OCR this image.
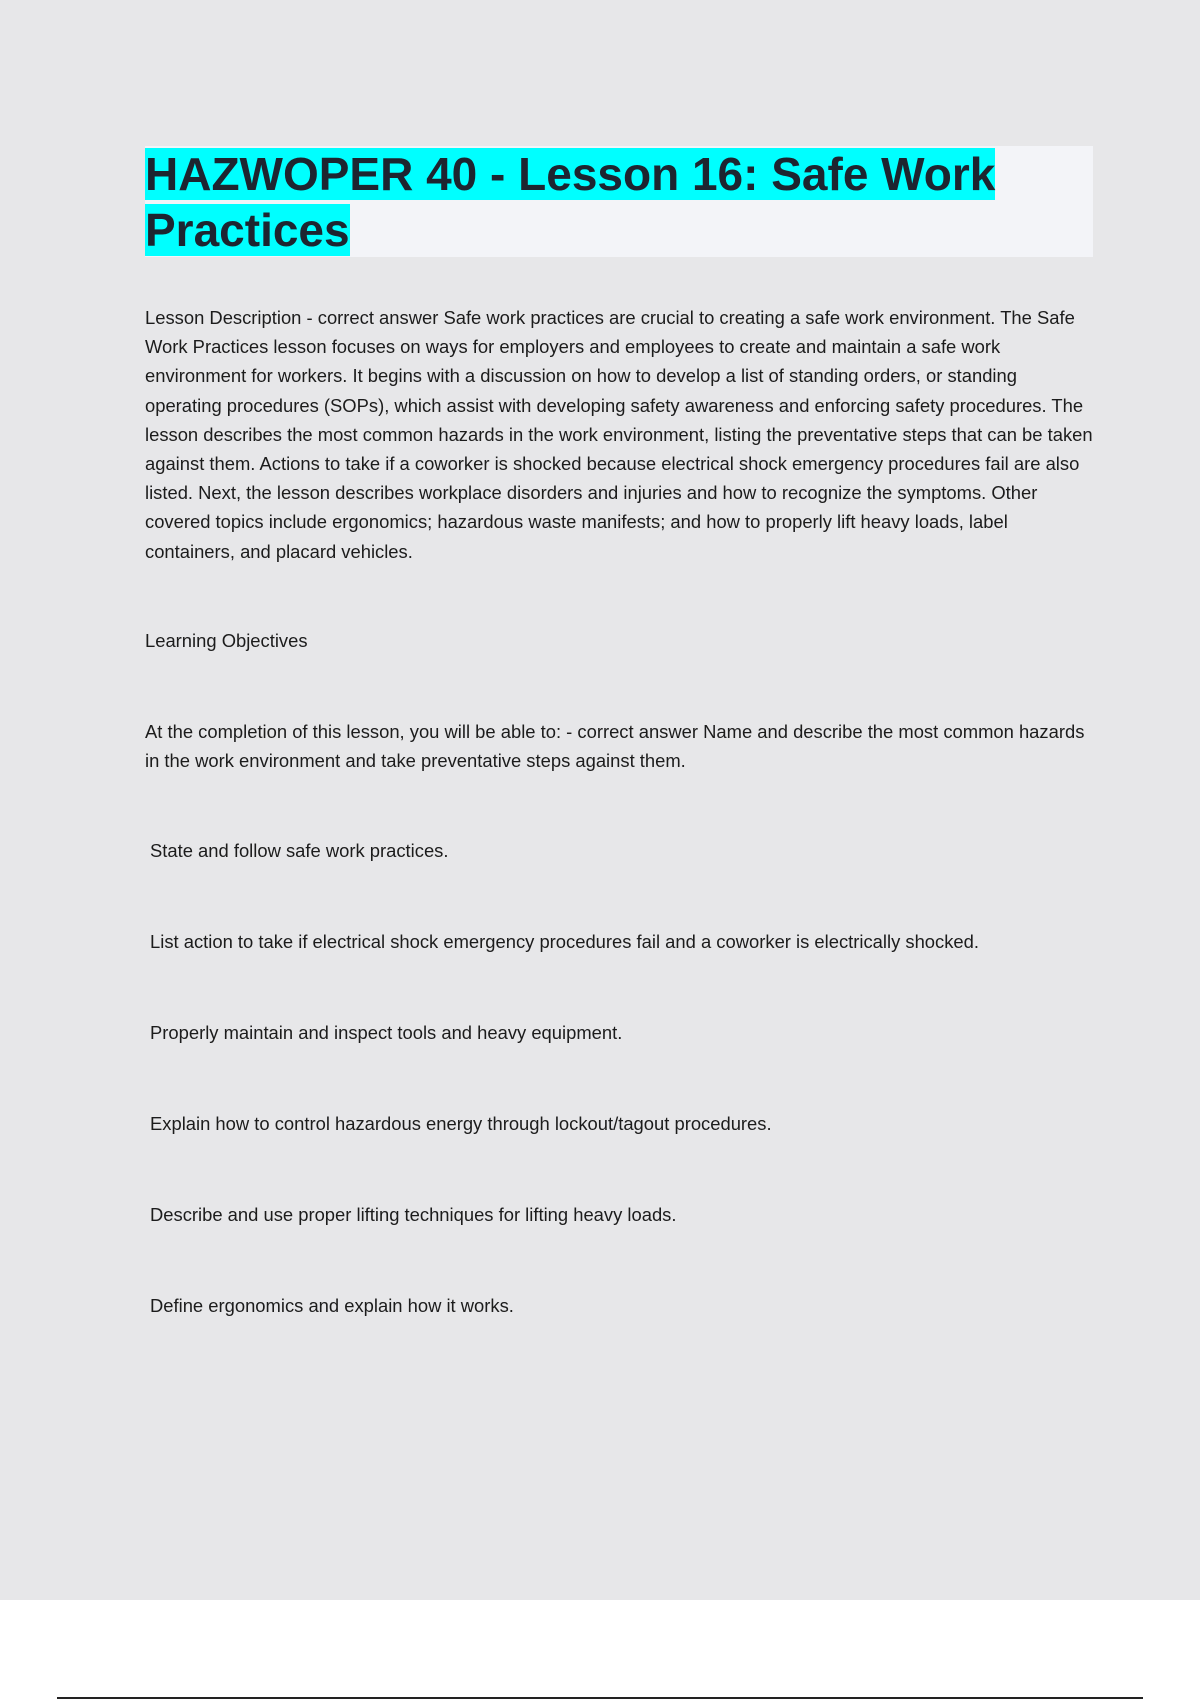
HAZWOPER 40 - Lesson 16: Safe Work Practices

Lesson Description - correct answer Safe work practices are crucial to creating a safe work environment. The Safe Work Practices lesson focuses on ways for employers and employees to create and maintain a safe work environment for workers. It begins with a discussion on how to develop a list of standing orders, or standing operating procedures (SOPs), which assist with developing safety awareness and enforcing safety procedures. The lesson describes the most common hazards in the work environment, listing the preventative steps that can be taken against them. Actions to take if a coworker is shocked because electrical shock emergency procedures fail are also listed. Next, the lesson describes workplace disorders and injuries and how to recognize the symptoms. Other covered topics include ergonomics; hazardous waste manifests; and how to properly lift heavy loads, label containers, and placard vehicles.

Learning Objectives

At the completion of this lesson, you will be able to: - correct answer Name and describe the most common hazards in the work environment and take preventative steps against them.

State and follow safe work practices.

List action to take if electrical shock emergency procedures fail and a coworker is electrically shocked.

Properly maintain and inspect tools and heavy equipment.

Explain how to control hazardous energy through lockout/tagout procedures.

Describe and use proper lifting techniques for lifting heavy loads.

Define ergonomics and explain how it works.
